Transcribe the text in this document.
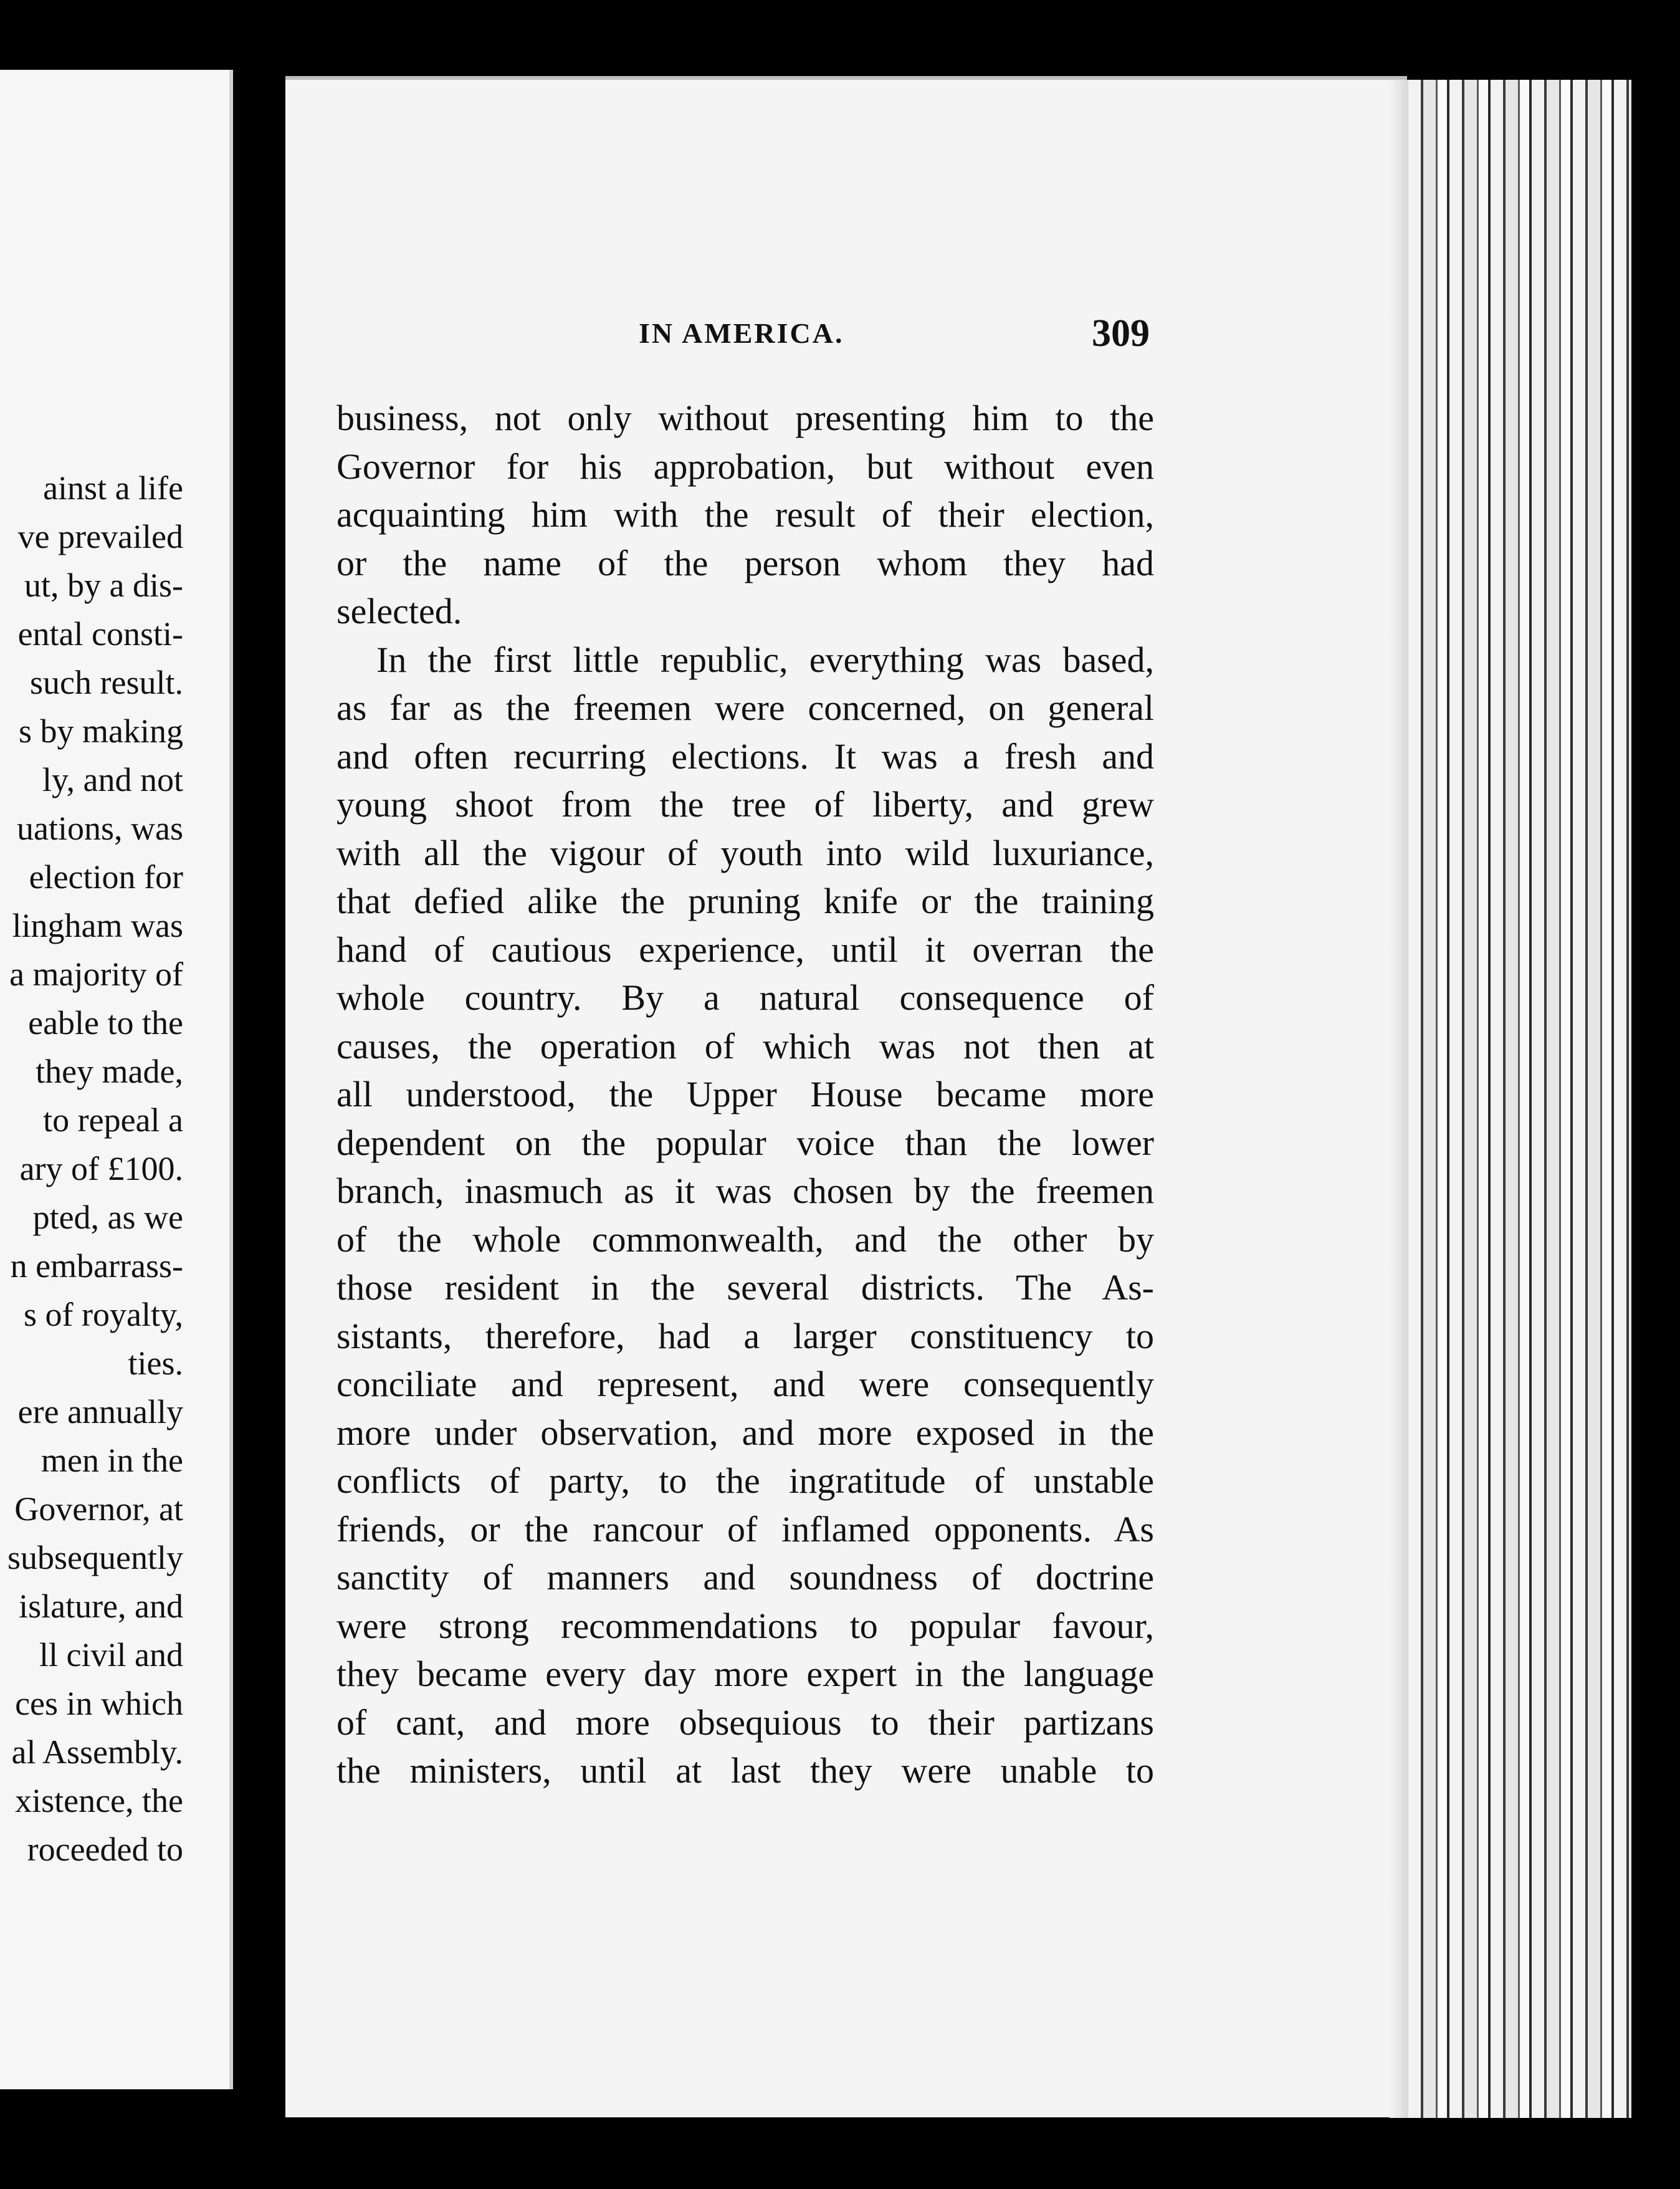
ainst a life
ve prevailed
ut, by a dis-
ental consti-
such result.
s by making
ly, and not
uations, was
election for
lingham was
a majority of
eable to the
they made,
to repeal a
ary of £100.
pted, as we
n embarrass-
s of royalty,
ties.
ere annually
men in the
Governor, at
subsequently
islature, and
ll civil and
ces in which
al Assembly.
xistence, the
roceeded to
IN AMERICA.	309
business, not only without presenting him to the
Governor for his approbation, but without even
acquainting him with the result of their election,
or the name of the person whom they had
selected.
In the first little republic, everything was based,
as far as the freemen were concerned, on general
and often recurring elections. It was a fresh and
young shoot from the tree of liberty, and grew
with all the vigour of youth into wild luxuriance,
that defied alike the pruning knife or the training
hand of cautious experience, until it overran the
whole country. By a natural consequence of
causes, the operation of which was not then at
all understood, the Upper House became more
dependent on the popular voice than the lower
branch, inasmuch as it was chosen by the freemen
of the whole commonwealth, and the other by
those resident in the several districts. The As-
sistants, therefore, had a larger constituency to
conciliate and represent, and were consequently
more under observation, and more exposed in the
conflicts of party, to the ingratitude of unstable
friends, or the rancour of inflamed opponents. As
sanctity of manners and soundness of doctrine
were strong recommendations to popular favour,
they became every day more expert in the language
of cant, and more obsequious to their partizans
the ministers, until at last they were unable to
